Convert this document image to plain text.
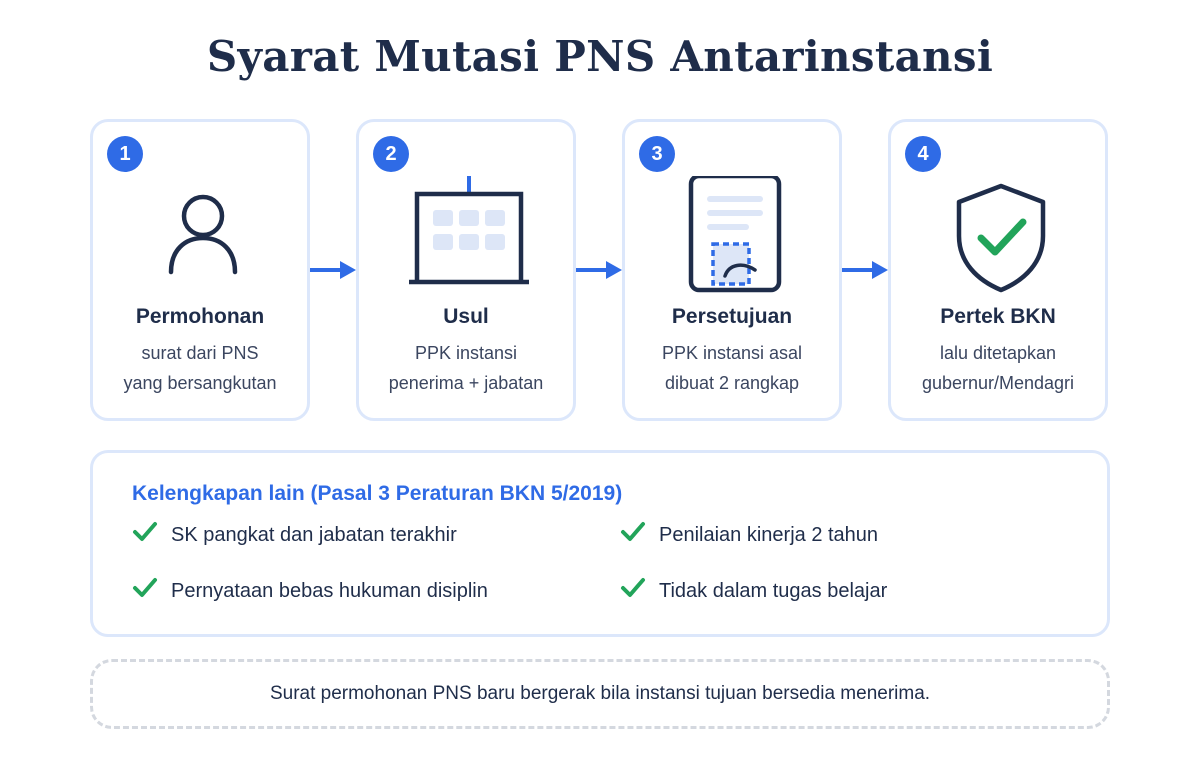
Syarat Mutasi PNS Antarinstansi
1
Permohonan
surat dari PNS
yang bersangkutan
2
Usul
PPK instansi
penerima + jabatan
3
Persetujuan
PPK instansi asal
dibuat 2 rangkap
4
Pertek BKN
lalu ditetapkan
gubernur/Mendagri
Kelengkapan lain (Pasal 3 Peraturan BKN 5/2019)
SK pangkat dan jabatan terakhir	Penilaian kinerja 2 tahun
Pernyataan bebas hukuman disiplin	Tidak dalam tugas belajar
Surat permohonan PNS baru bergerak bila instansi tujuan bersedia menerima.
